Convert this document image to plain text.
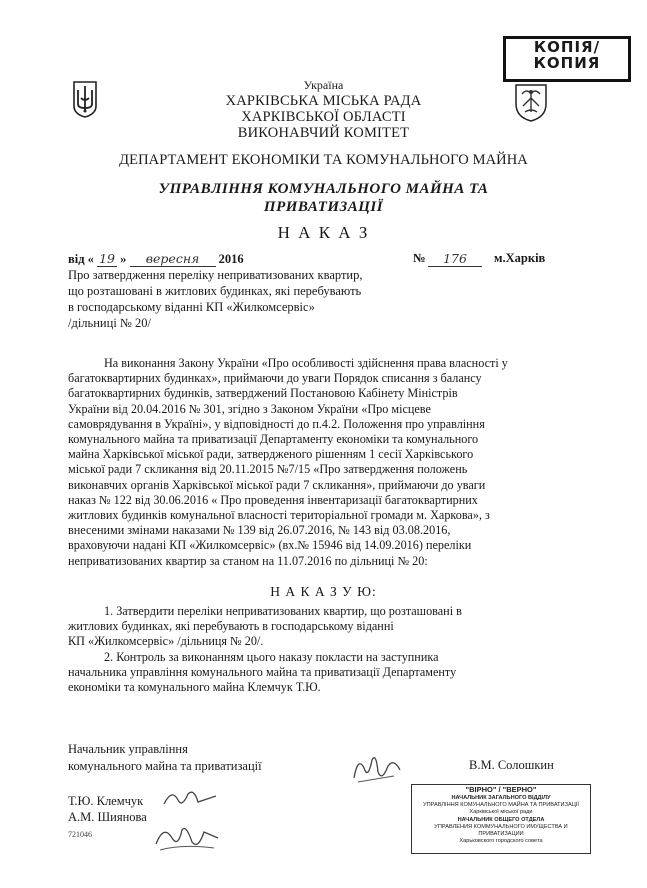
КОПІЯ/
КОПИЯ
Україна
ХАРКІВСЬКА МІСЬКА РАДА
ХАРКІВСЬКОЇ ОБЛАСТІ
ВИКОНАВЧИЙ КОМІТЕТ
ДЕПАРТАМЕНТ ЕКОНОМІКИ ТА КОМУНАЛЬНОГО МАЙНА
УПРАВЛІННЯ КОМУНАЛЬНОГО МАЙНА ТА
ПРИВАТИЗАЦІЇ
Н А К А З
від « 19 » вересня 2016	№	176	м.Харків
Про затвердження переліку неприватизованих квартир,
що розташовані в житлових будинках, які перебувають
в господарському віданні КП «Жилкомсервіс»
/дільниці № 20/
На виконання Закону України «Про особливості здійснення права власності у
багатоквартирних будинках», приймаючи до уваги Порядок списання з балансу
багатоквартирних будинків, затверджений Постановою Кабінету Міністрів
України від 20.04.2016 № 301, згідно з Законом України «Про місцеве
самоврядування в Україні», у відповідності до п.4.2. Положення про управління
комунального майна та приватизації Департаменту економіки та комунального
майна Харківської міської ради, затвердженого рішенням 1 сесії Харківського
міської ради 7 скликання від 20.11.2015 №7/15 «Про затвердження положень
виконавчих органів Харківської міської ради 7 скликання», приймаючи до уваги
наказ № 122 від 30.06.2016 « Про проведення інвентаризації багатоквартирних
житлових будинків комунальної власності територіальної громади м. Харкова», з
внесеними змінами наказами № 139 від 26.07.2016, № 143 від 03.08.2016,
враховуючи надані КП «Жилкомсервіс» (вх.№ 15946 від 14.09.2016) переліки
неприватизованих квартир за станом на 11.07.2016 по дільниці № 20:
Н А К А З У Ю:
1. Затвердити переліки неприватизованих квартир, що розташовані в
житлових будинках, які перебувають в господарському віданні
КП «Жилкомсервіс» /дільниця № 20/.
2. Контроль за виконанням цього наказу покласти на заступника
начальника управління комунального майна та приватизації Департаменту
економіки та комунального майна Клемчук Т.Ю.
Начальник управління
комунального майна та приватизації	В.М. Солошкин
Т.Ю. Клемчук
А.М. Шиянова
721046
"ВІРНО" / "ВЕРНО"
НАЧАЛЬНИК ЗАГАЛЬНОГО ВІДДІЛУ
УПРАВЛІННЯ КОМУНАЛЬНОГО МАЙНА ТА ПРИВАТИЗАЦІЇ
Харківської міської ради
НАЧАЛЬНИК ОБЩЕГО ОТДЕЛА
УПРАВЛЕНИЯ КОММУНАЛЬНОГО ИМУЩЕСТВА И ПРИВАТИЗАЦИИ
Харьковского городского совета
